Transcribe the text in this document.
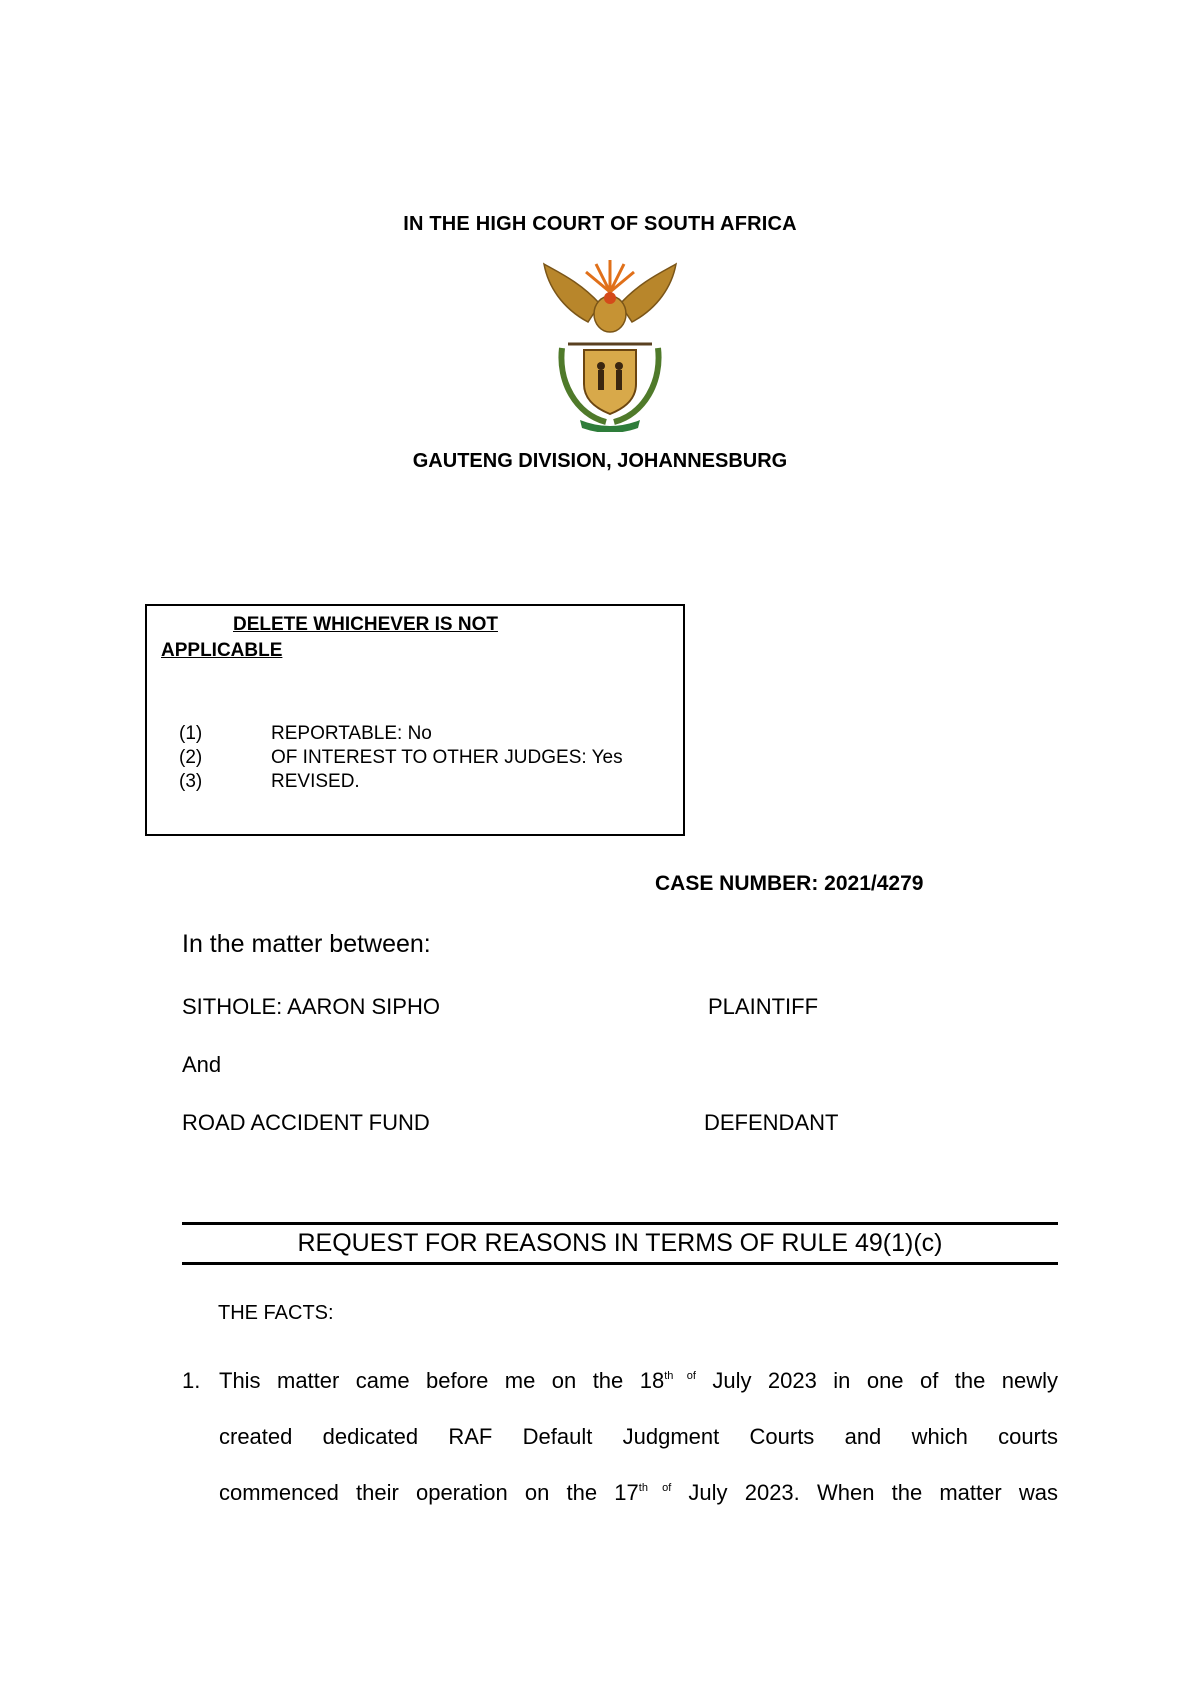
IN THE HIGH COURT OF SOUTH AFRICA
GAUTENG DIVISION, JOHANNESBURG
DELETE WHICHEVER IS NOT APPLICABLE
(1)	REPORTABLE: No
(2)	OF INTEREST TO OTHER JUDGES: Yes
(3)	REVISED.
CASE NUMBER: 2021/4279
In the matter between:
SITHOLE: AARON SIPHO	PLAINTIFF
And
ROAD ACCIDENT FUND	DEFENDANT
REQUEST FOR REASONS IN TERMS OF RULE 49(1)(c)
THE FACTS:
1. This matter came before me on the $18^{th of}$ July 2023 in one of the newly
created dedicated RAF Default Judgment Courts and which courts
commenced their operation on the $17^{th of}$ July 2023. When the matter was
